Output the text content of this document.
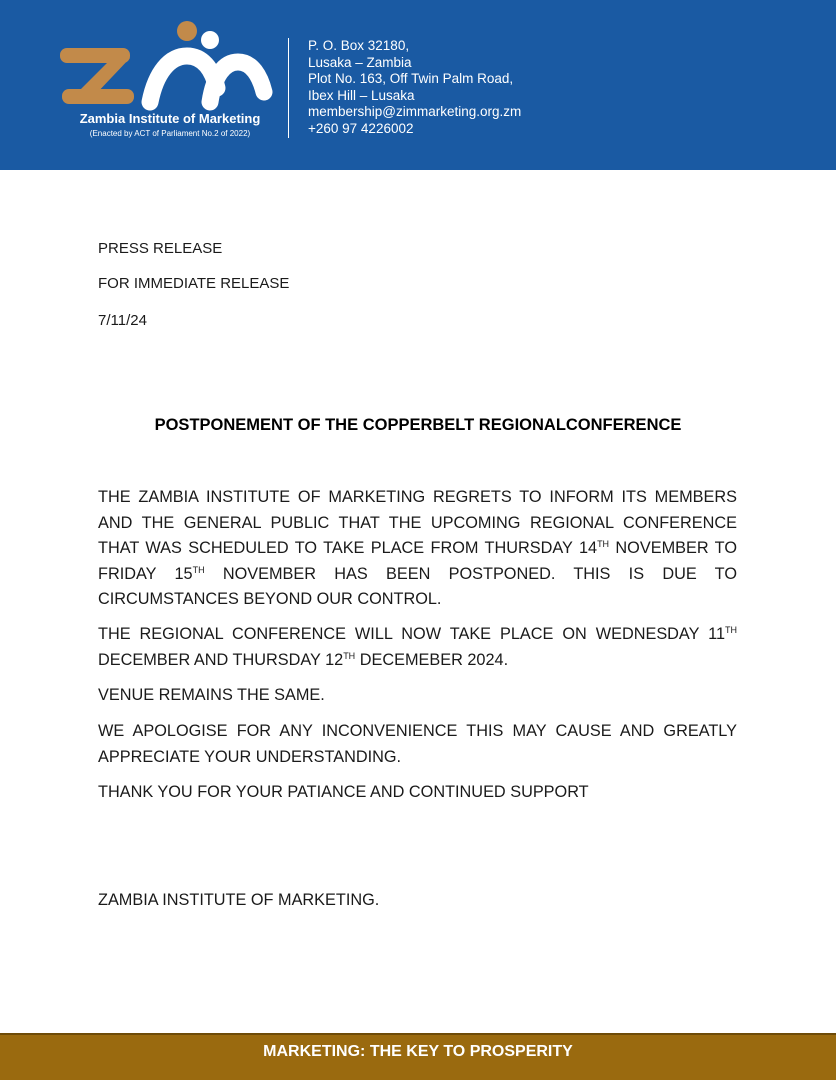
Zambia Institute of Marketing
(Enacted by ACT of Parliament No.2 of 2022)
P. O. Box 32180,
Lusaka – Zambia
Plot No. 163, Off Twin Palm Road,
Ibex Hill – Lusaka
membership@zimmarketing.org.zm
+260 97 4226002
PRESS RELEASE
FOR IMMEDIATE RELEASE
7/11/24
POSTPONEMENT OF THE COPPERBELT REGIONALCONFERENCE
THE ZAMBIA INSTITUTE OF MARKETING REGRETS TO INFORM ITS MEMBERS AND THE GENERAL PUBLIC THAT THE UPCOMING REGIONAL CONFERENCE THAT WAS SCHEDULED TO TAKE PLACE FROM THURSDAY 14TH NOVEMBER TO FRIDAY 15TH NOVEMBER HAS BEEN POSTPONED. THIS IS DUE TO CIRCUMSTANCES BEYOND OUR CONTROL.
THE REGIONAL CONFERENCE WILL NOW TAKE PLACE ON WEDNESDAY 11TH DECEMBER AND THURSDAY 12TH DECEMEBER 2024.
VENUE REMAINS THE SAME.
WE APOLOGISE FOR ANY INCONVENIENCE THIS MAY CAUSE AND GREATLY APPRECIATE YOUR UNDERSTANDING.
THANK YOU FOR YOUR PATIANCE AND CONTINUED SUPPORT
ZAMBIA INSTITUTE OF MARKETING.
MARKETING: THE KEY TO PROSPERITY
